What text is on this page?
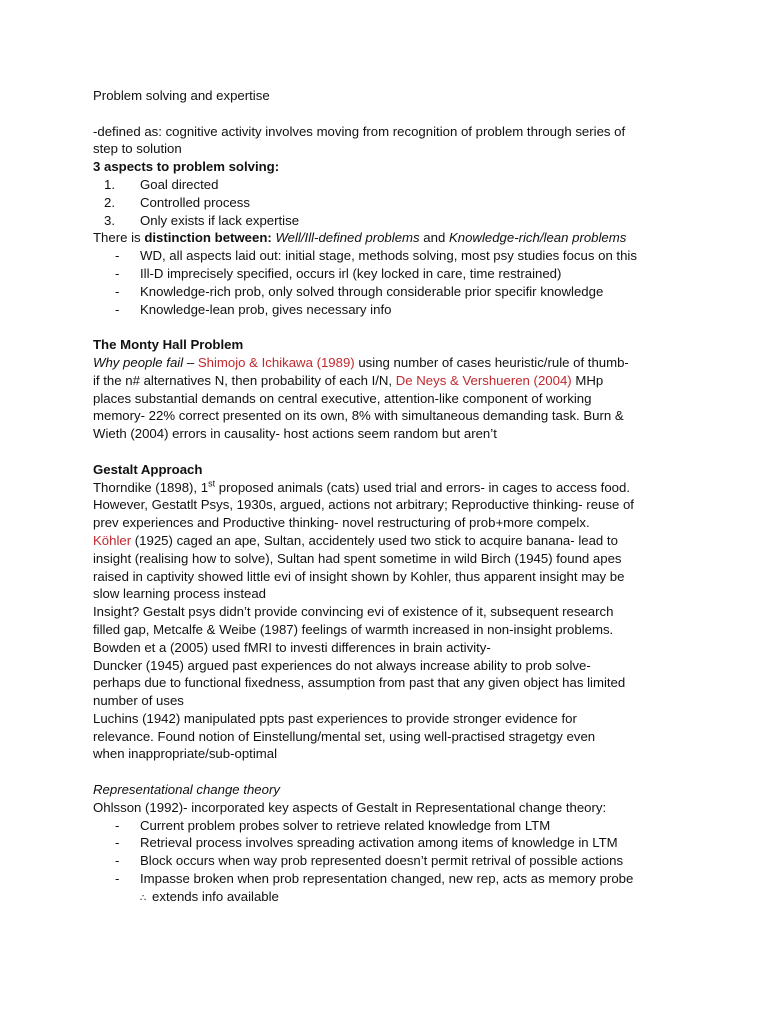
Problem solving and expertise
-defined as: cognitive activity involves moving from recognition of problem through series of
step to solution
3 aspects to problem solving:
1. Goal directed
2. Controlled process
3. Only exists if lack expertise
There is distinction between: Well/Ill-defined problems and Knowledge-rich/lean problems
- WD, all aspects laid out: initial stage, methods solving, most psy studies focus on this
- Ill-D imprecisely specified, occurs irl (key locked in care, time restrained)
- Knowledge-rich prob, only solved through considerable prior specifir knowledge
- Knowledge-lean prob, gives necessary info
The Monty Hall Problem
Why people fail – Shimojo & Ichikawa (1989) using number of cases heuristic/rule of thumb-
if the n# alternatives N, then probability of each I/N, De Neys & Vershueren (2004) MHp
places substantial demands on central executive, attention-like component of working
memory- 22% correct presented on its own, 8% with simultaneous demanding task. Burn &
Wieth (2004) errors in causality- host actions seem random but aren’t
Gestalt Approach
Thorndike (1898), 1st proposed animals (cats) used trial and errors- in cages to access food.
However, Gestatlt Psys, 1930s, argued, actions not arbitrary; Reproductive thinking- reuse of
prev experiences and Productive thinking- novel restructuring of prob+more compelx.
Köhler (1925) caged an ape, Sultan, accidentely used two stick to acquire banana- lead to
insight (realising how to solve), Sultan had spent sometime in wild Birch (1945) found apes
raised in captivity showed little evi of insight shown by Kohler, thus apparent insight may be
slow learning process instead
Insight? Gestalt psys didn’t provide convincing evi of existence of it, subsequent research
filled gap, Metcalfe & Weibe (1987) feelings of warmth increased in non-insight problems.
Bowden et a (2005) used fMRI to investi differences in brain activity-
Duncker (1945) argued past experiences do not always increase ability to prob solve-
perhaps due to functional fixedness, assumption from past that any given object has limited
number of uses
Luchins (1942) manipulated ppts past experiences to provide stronger evidence for
relevance. Found notion of Einstellung/mental set, using well-practised stragetgy even
when inappropriate/sub-optimal
Representational change theory
Ohlsson (1992)- incorporated key aspects of Gestalt in Representational change theory:
- Current problem probes solver to retrieve related knowledge from LTM
- Retrieval process involves spreading activation among items of knowledge in LTM
- Block occurs when way prob represented doesn’t permit retrival of possible actions
- Impasse broken when prob representation changed, new rep, acts as memory probe
∴ extends info available
